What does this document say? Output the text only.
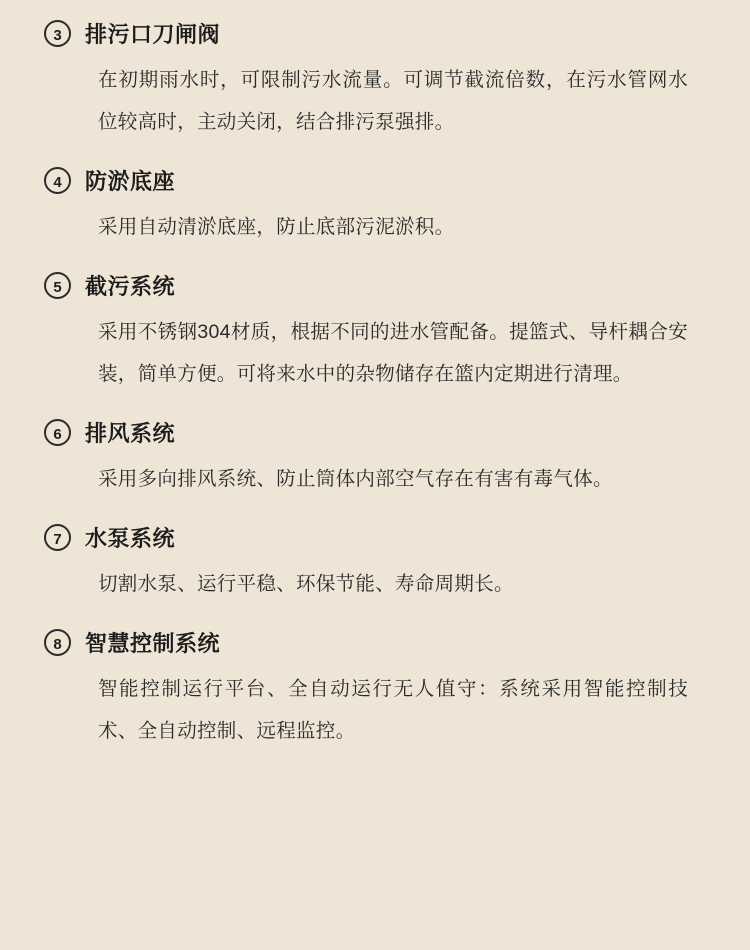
3	排污口刀闸阀
在初期雨水时，可限制污水流量。可调节截流倍数，在污水管网水位较高时，主动关闭，结合排污泵强排。
4	防淤底座
采用自动清淤底座，防止底部污泥淤积。
5	截污系统
采用不锈钢304材质，根据不同的进水管配备。提篮式、导杆耦合安装，简单方便。可将来水中的杂物储存在篮内定期进行清理。
6	排风系统
采用多向排风系统、防止筒体内部空气存在有害有毒气体。
7	水泵系统
切割水泵、运行平稳、环保节能、寿命周期长。
8	智慧控制系统
智能控制运行平台、全自动运行无人值守：系统采用智能控制技术、全自动控制、远程监控。
